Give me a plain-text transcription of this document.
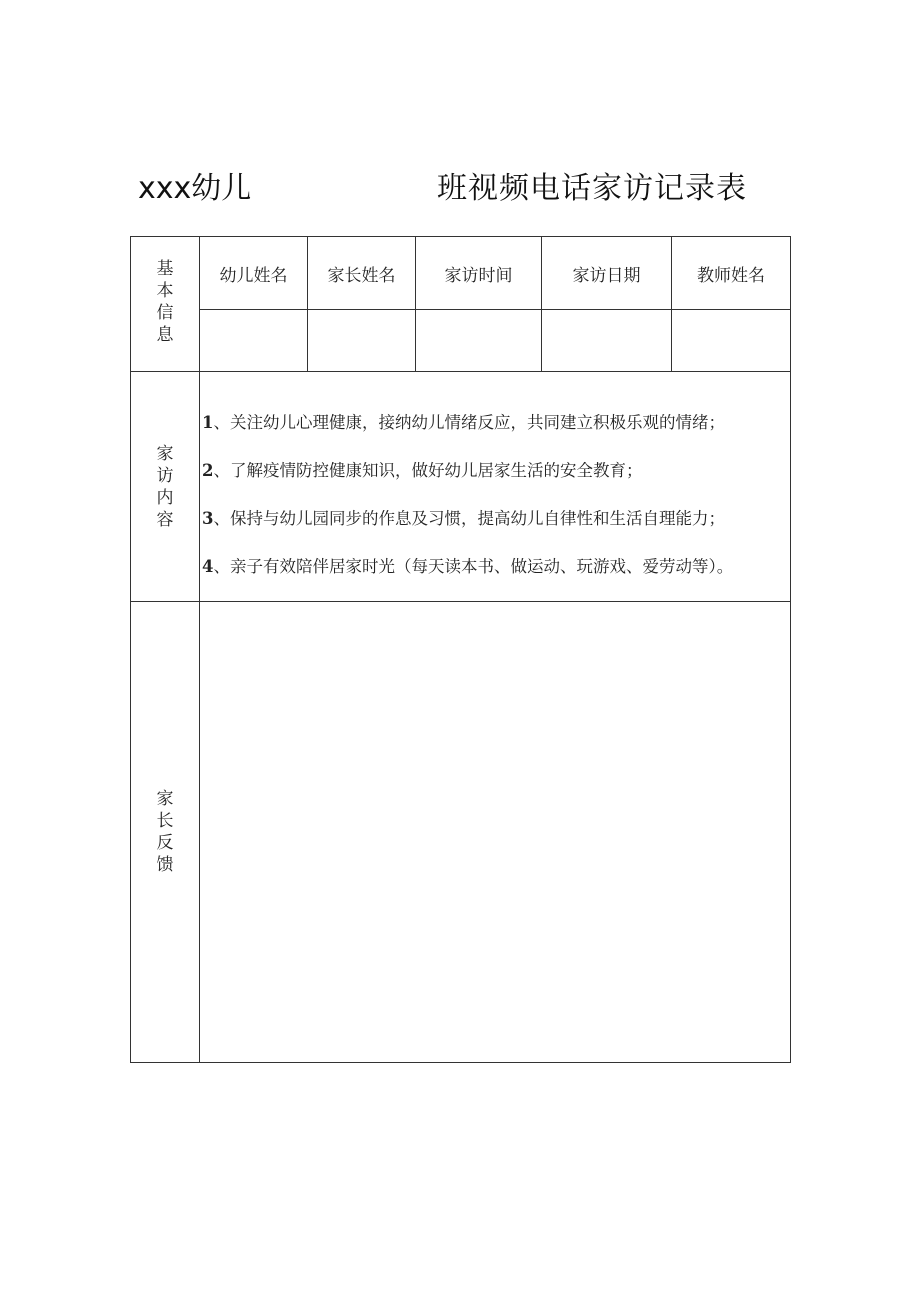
xxx幼儿	班视频电话家访记录表
基本信息	幼儿姓名	家长姓名	家访时间	家访日期	教师姓名

家访内容	1、关注幼儿心理健康，接纳幼儿情绪反应，共同建立积极乐观的情绪；
2、了解疫情防控健康知识，做好幼儿居家生活的安全教育；
3、保持与幼儿园同步的作息及习惯，提高幼儿自律性和生活自理能力；
4、亲子有效陪伴居家时光（每天读本书、做运动、玩游戏、爱劳动等）。				

家长反馈					
